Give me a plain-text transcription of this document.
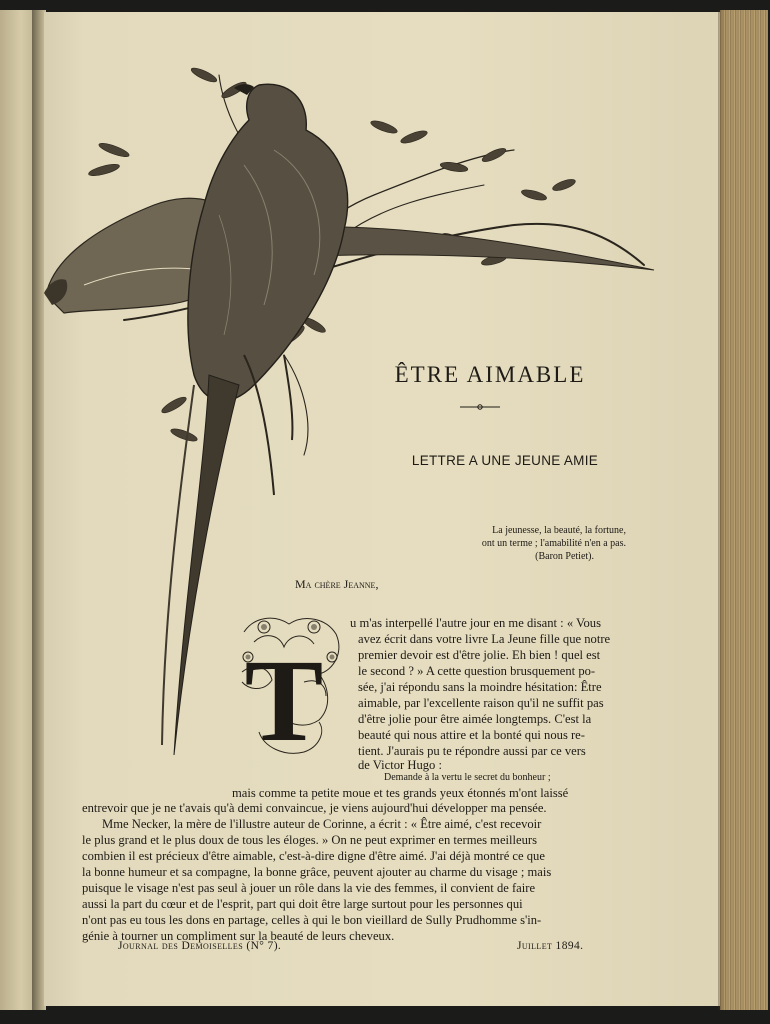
ÊTRE AIMABLE
LETTRE A UNE JEUNE AMIE
La jeunesse, la beauté, la fortune,
ont un terme ; l'amabilité n'en a pas.
(Baron Petiet).
Ma chère Jeanne,
T
u m'as interpellé l'autre jour en me disant : « Vous
avez écrit dans votre livre La Jeune fille que notre
premier devoir est d'être jolie. Eh bien ! quel est
le second ? » A cette question brusquement po-
sée, j'ai répondu sans la moindre hésitation: Être
aimable, par l'excellente raison qu'il ne suffit pas
d'être jolie pour être aimée longtemps. C'est la
beauté qui nous attire et la bonté qui nous re-
tient. J'aurais pu te répondre aussi par ce vers
de Victor Hugo :
Demande à la vertu le secret du bonheur ;
mais comme ta petite moue et tes grands yeux étonnés m'ont laissé
entrevoir que je ne t'avais qu'à demi convaincue, je viens aujourd'hui développer ma pensée.
Mme Necker, la mère de l'illustre auteur de Corinne, a écrit : « Être aimé, c'est recevoir
le plus grand et le plus doux de tous les éloges. » On ne peut exprimer en termes meilleurs
combien il est précieux d'être aimable, c'est-à-dire digne d'être aimé. J'ai déjà montré ce que
la bonne humeur et sa compagne, la bonne grâce, peuvent ajouter au charme du visage ; mais
puisque le visage n'est pas seul à jouer un rôle dans la vie des femmes, il convient de faire
aussi la part du cœur et de l'esprit, part qui doit être large surtout pour les personnes qui
n'ont pas eu tous les dons en partage, celles à qui le bon vieillard de Sully Prudhomme s'in-
génie à tourner un compliment sur la beauté de leurs cheveux.
Journal des Demoiselles (N° 7).	Juillet 1894.
